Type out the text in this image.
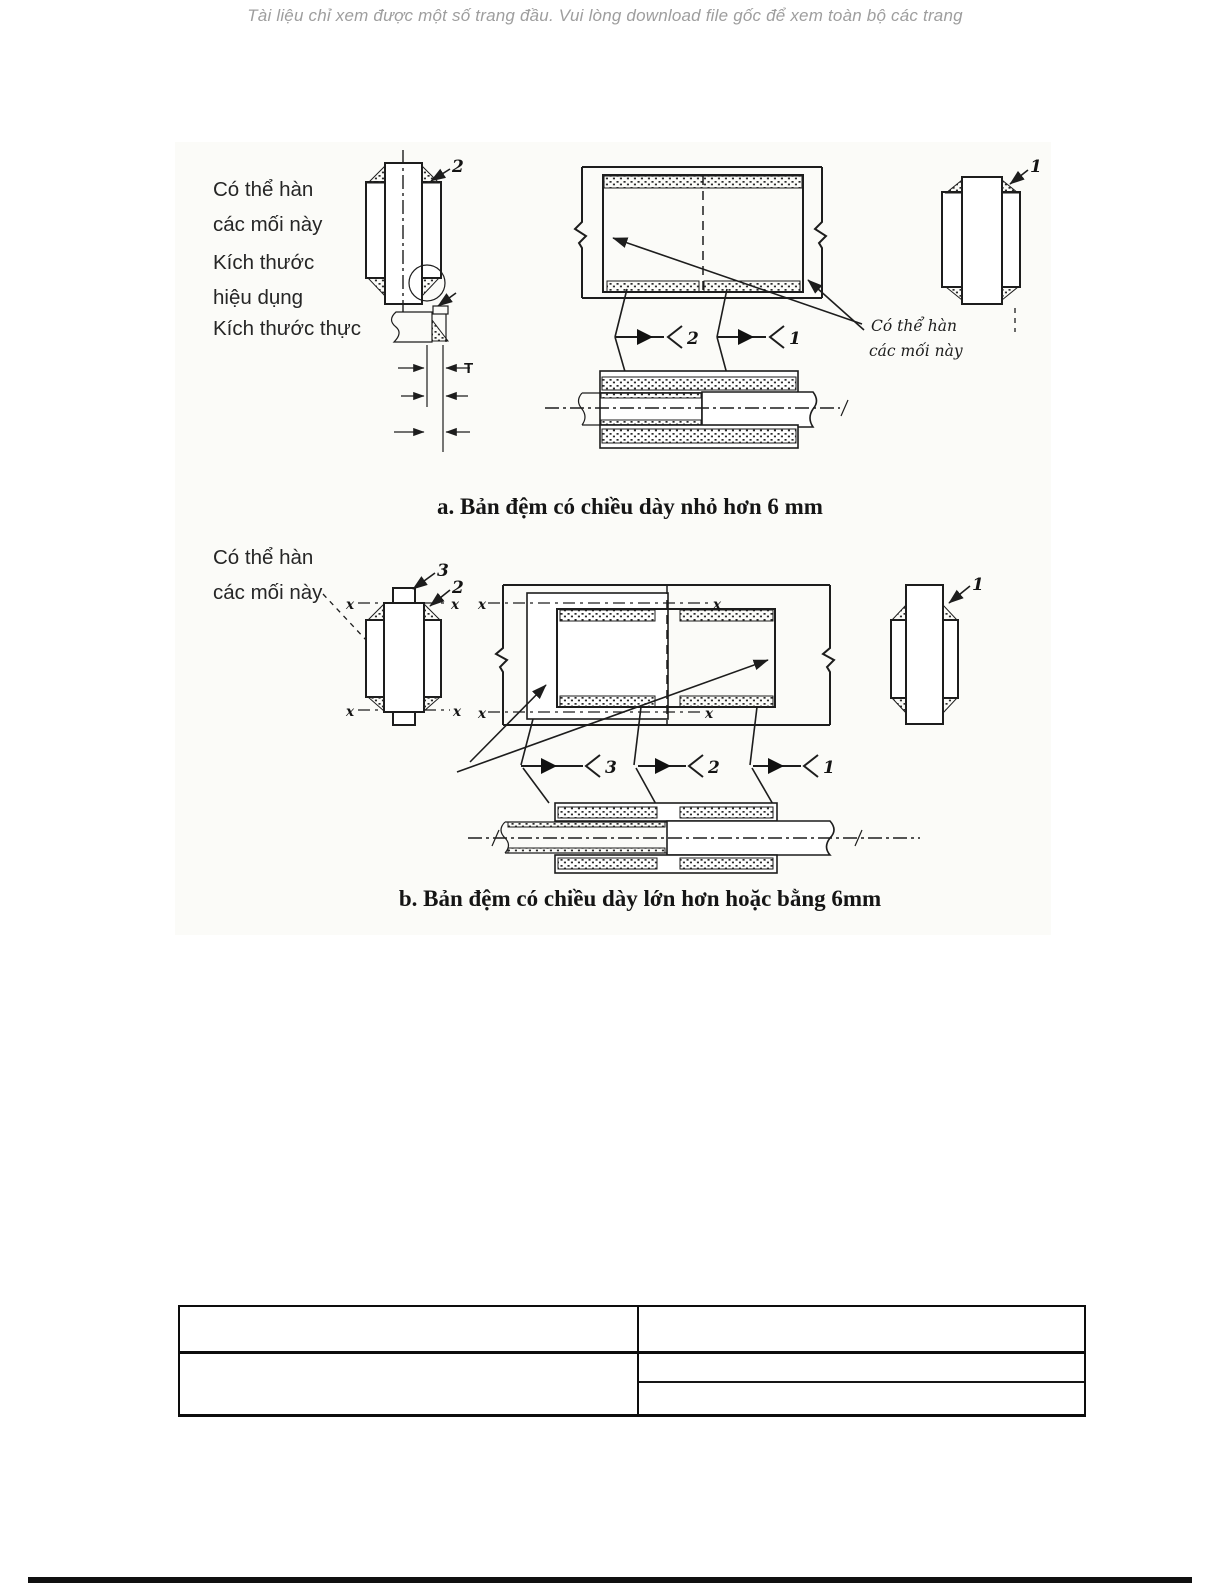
Tài liệu chỉ xem được một số trang đầu. Vui lòng download file gốc để xem toàn bộ các trang
Có thể hàn
các mối này
Kích thước
hiệu dụng
Kích thước thực
2
T
2	1
1
Có thể hàn
các mối này
a. Bản đệm có chiều dày nhỏ hơn 6 mm
Có thể hàn
các mối này
3
2
x	x
x	x
x	x
x	x
3	2	1
1
b. Bản đệm có chiều dày lớn hơn hoặc bằng 6mm
